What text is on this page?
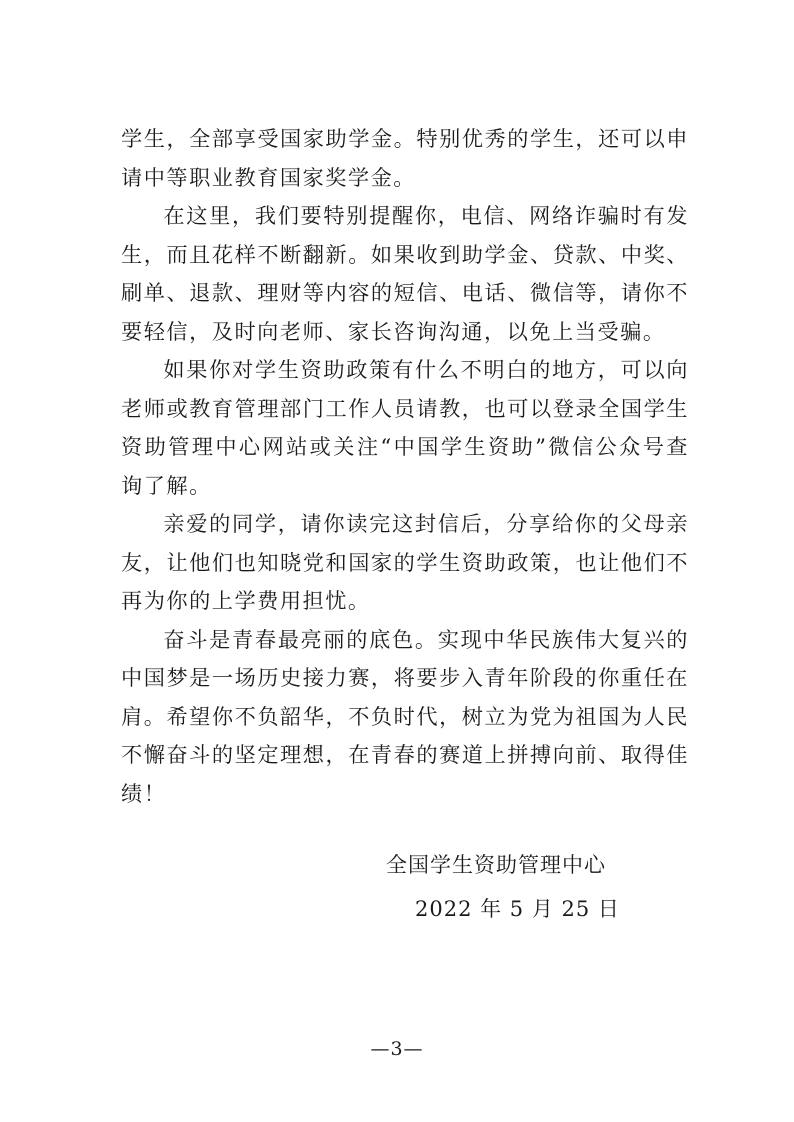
学生，全部享受国家助学金。特别优秀的学生，还可以申请中等职业教育国家奖学金。

在这里，我们要特别提醒你，电信、网络诈骗时有发生，而且花样不断翻新。如果收到助学金、贷款、中奖、刷单、退款、理财等内容的短信、电话、微信等，请你不要轻信，及时向老师、家长咨询沟通，以免上当受骗。

如果你对学生资助政策有什么不明白的地方，可以向老师或教育管理部门工作人员请教，也可以登录全国学生资助管理中心网站或关注“中国学生资助”微信公众号查询了解。

亲爱的同学，请你读完这封信后，分享给你的父母亲友，让他们也知晓党和国家的学生资助政策，也让他们不再为你的上学费用担忧。

奋斗是青春最亮丽的底色。实现中华民族伟大复兴的中国梦是一场历史接力赛，将要步入青年阶段的你重任在肩。希望你不负韶华，不负时代，树立为党为祖国为人民不懈奋斗的坚定理想，在青春的赛道上拼搏向前、取得佳绩！

全国学生资助管理中心
2022 年 5 月 25 日
—3—
